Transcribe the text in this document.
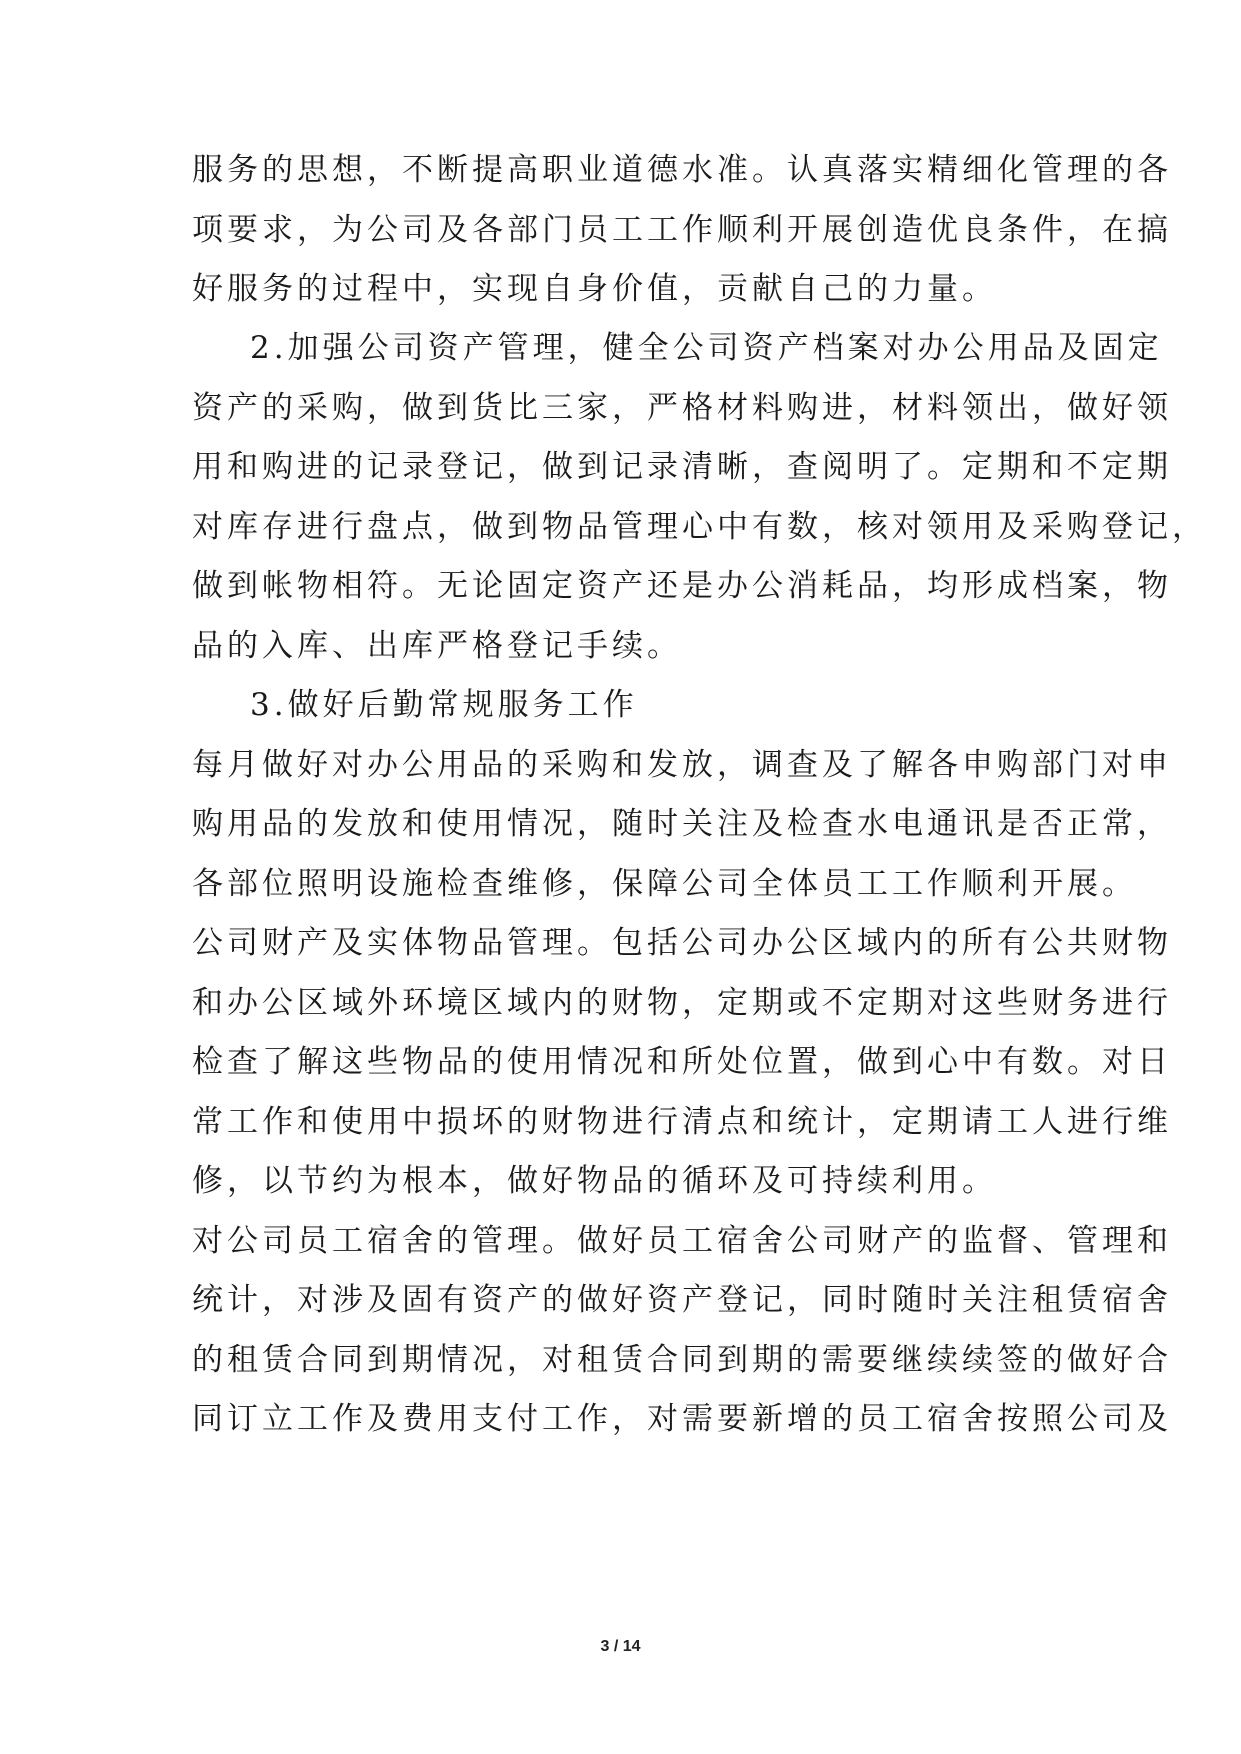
服务的思想，不断提高职业道德水准。认真落实精细化管理的各
项要求，为公司及各部门员工工作顺利开展创造优良条件，在搞
好服务的过程中，实现自身价值，贡献自己的力量。
2.加强公司资产管理，健全公司资产档案对办公用品及固定
资产的采购，做到货比三家，严格材料购进，材料领出，做好领
用和购进的记录登记，做到记录清晰，查阅明了。定期和不定期
对库存进行盘点，做到物品管理心中有数，核对领用及采购登记，
做到帐物相符。无论固定资产还是办公消耗品，均形成档案，物
品的入库、出库严格登记手续。
3.做好后勤常规服务工作
每月做好对办公用品的采购和发放，调查及了解各申购部门对申
购用品的发放和使用情况，随时关注及检查水电通讯是否正常，
各部位照明设施检查维修，保障公司全体员工工作顺利开展。
公司财产及实体物品管理。包括公司办公区域内的所有公共财物
和办公区域外环境区域内的财物，定期或不定期对这些财务进行
检查了解这些物品的使用情况和所处位置，做到心中有数。对日
常工作和使用中损坏的财物进行清点和统计，定期请工人进行维
修，以节约为根本，做好物品的循环及可持续利用。
对公司员工宿舍的管理。做好员工宿舍公司财产的监督、管理和
统计，对涉及固有资产的做好资产登记，同时随时关注租赁宿舍
的租赁合同到期情况，对租赁合同到期的需要继续续签的做好合
同订立工作及费用支付工作，对需要新增的员工宿舍按照公司及
3 / 14
